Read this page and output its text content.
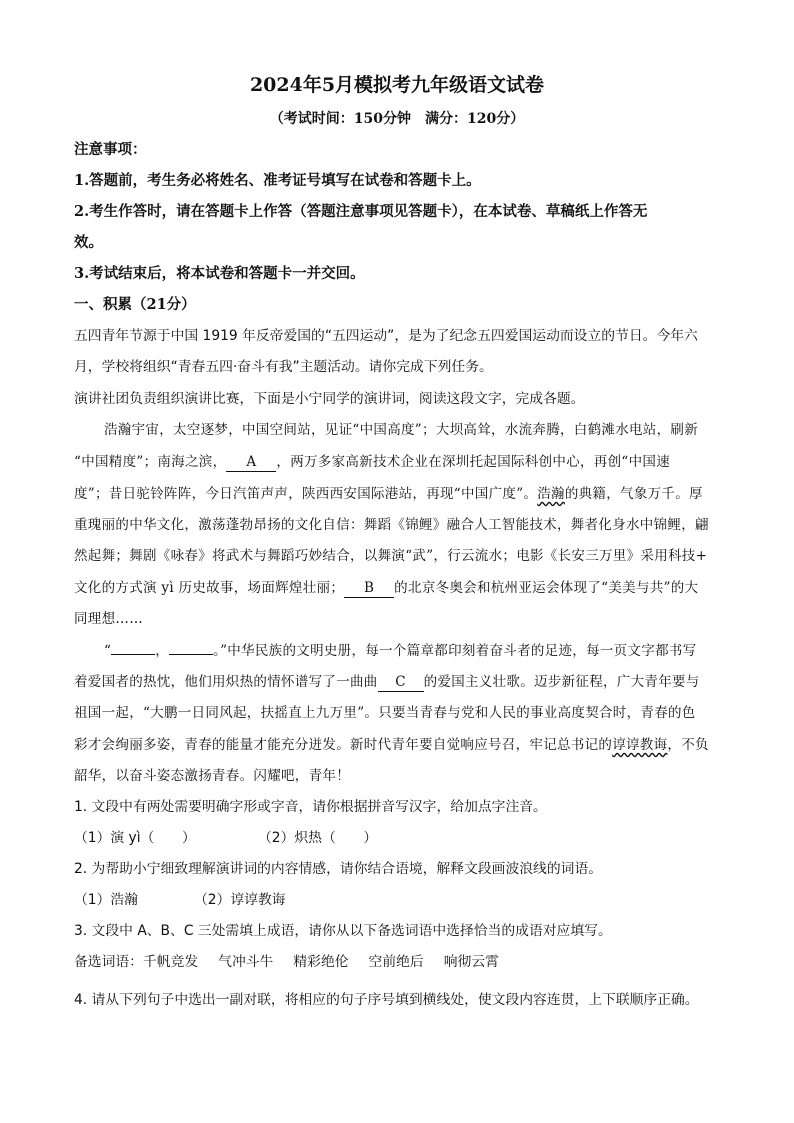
2024年5月模拟考九年级语文试卷
（考试时间：150分钟　满分：120分）
注意事项：
1.答题前，考生务必将姓名、准考证号填写在试卷和答题卡上。
2.考生作答时，请在答题卡上作答（答题注意事项见答题卡），在本试卷、草稿纸上作答无
效。
3.考试结束后，将本试卷和答题卡一并交回。
一、积累（21分）
五四青年节源于中国 1919 年反帝爱国的“五四运动”，是为了纪念五四爱国运动而设立的节日。今年六
月，学校将组织“青春五四·奋斗有我”主题活动。请你完成下列任务。
演讲社团负责组织演讲比赛，下面是小宁同学的演讲词，阅读这段文字，完成各题。
浩瀚宇宙，太空逐梦，中国空间站，见证“中国高度”；大坝高耸，水流奔腾，白鹤滩水电站，刷新
“中国精度”；南海之滨， A ，两万多家高新技术企业在深圳托起国际科创中心，再创“中国速
度”；昔日驼铃阵阵，今日汽笛声声，陕西西安国际港站，再现“中国广度”。浩瀚的典籍，气象万千。厚
重瑰丽的中华文化，激荡蓬勃昂扬的文化自信：舞蹈《锦鲤》融合人工智能技术，舞者化身水中锦鲤，翩
然起舞；舞剧《咏春》将武术与舞蹈巧妙结合，以舞演“武”，行云流水；电影《长安三万里》采用科技+
文化的方式演 yì 历史故事，场面辉煌壮丽； B 的北京冬奥会和杭州亚运会体现了“美美与共”的大
同理想……
“	，	。”中华民族的文明史册，每一个篇章都印刻着奋斗者的足迹，每一页文字都书写
着爱国者的热忱，他们用炽热的情怀谱写了一曲曲 C 的爱国主义壮歌。迈步新征程，广大青年要与
祖国一起，“大鹏一日同风起，扶摇直上九万里”。只要当青春与党和人民的事业高度契合时，青春的色
彩才会绚丽多姿，青春的能量才能充分迸发。新时代青年要自觉响应号召，牢记总书记的谆谆教诲，不负
韶华，以奋斗姿态激扬青春。闪耀吧，青年！
1. 文段中有两处需要明确字形或字音，请你根据拼音写汉字，给加点字注音。
（1）演 yì（　　）	（2）炽热（　　）
2. 为帮助小宁细致理解演讲词的内容情感，请你结合语境，解释文段画波浪线的词语。
（1）浩瀚	（2）谆谆教诲
3. 文段中 A、B、C 三处需填上成语，请你从以下备选词语中选择恰当的成语对应填写。
备选词语：千帆竞发 气冲斗牛 精彩绝伦 空前绝后 响彻云霄
4. 请从下列句子中选出一副对联，将相应的句子序号填到横线处，使文段内容连贯，上下联顺序正确。
